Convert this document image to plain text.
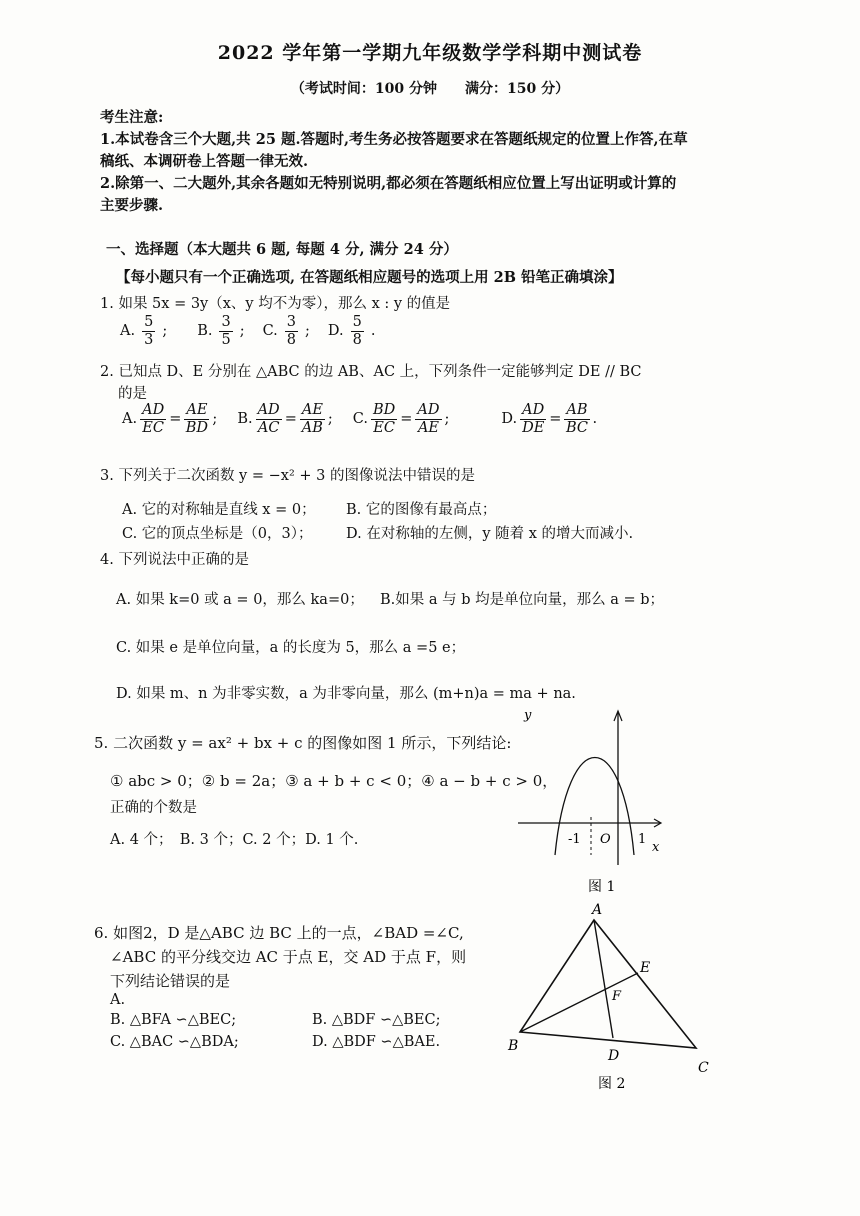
2022 学年第一学期九年级数学学科期中测试卷
（考试时间：100 分钟　　满分：150 分）
考生注意:
1.本试卷含三个大题,共 25 题.答题时,考生务必按答题要求在答题纸规定的位置上作答,在草
稿纸、本调研卷上答题一律无效.
2.除第一、二大题外,其余各题如无特别说明,都必须在答题纸相应位置上写出证明或计算的
主要步骤.
一、选择题（本大题共 6 题, 每题 4 分, 满分 24 分）
【每小题只有一个正确选项, 在答题纸相应题号的选项上用 2B 铅笔正确填涂】
1. 如果 5x = 3y（x、y 均不为零），那么 x : y 的值是
A. $\frac{5}{3}$ ; B. $\frac{3}{5}$ ; C. $\frac{3}{8}$ ; D. $\frac{5}{8}$ .
2. 已知点 D、E 分别在 △ABC 的边 AB、AC 上，下列条件一定能够判定 DE // BC
的是
A. $\frac{AD}{EC} = \frac{AE}{BD}$ ; B. $\frac{AD}{AC} = \frac{AE}{AB}$ ; C. $\frac{BD}{EC} = \frac{AD}{AE}$ ;	D. $\frac{AD}{DE} = \frac{AB}{BC}$ .
3. 下列关于二次函数 y = −x² + 3 的图像说法中错误的是
A. 它的对称轴是直线 x = 0； B. 它的图像有最高点；
C. 它的顶点坐标是（0，3）； D. 在对称轴的左侧，y 随着 x 的增大而减小.
4. 下列说法中正确的是
A. 如果 k=0 或 a = 0，那么 ka=0； B.如果 a 与 b 均是单位向量，那么 a = b；
C. 如果 e 是单位向量，a 的长度为 5，那么 a =5 e；
D. 如果 m、n 为非零实数，a 为非零向量，那么 (m+n)a = ma + na.
5. 二次函数 y = ax² + bx + c 的图像如图 1 所示，下列结论:
① abc > 0；② b = 2a；③ a + b + c < 0；④ a − b + c > 0，
正确的个数是
A. 4 个；　B. 3 个；C. 2 个；D. 1 个.
y
-1 O 1
x
图 1
6. 如图2，D 是△ABC 边 BC 上的一点，∠BAD =∠C,
∠ABC 的平分线交边 AC 于点 E，交 AD 于点 F，则
下列结论错误的是
A.
B. △BFA ∽△BEC;	B. △BDF ∽△BEC;
C. △BAC ∽△BDA;	D. △BDF ∽△BAE.
A
B
C
D
E
F
图 2
